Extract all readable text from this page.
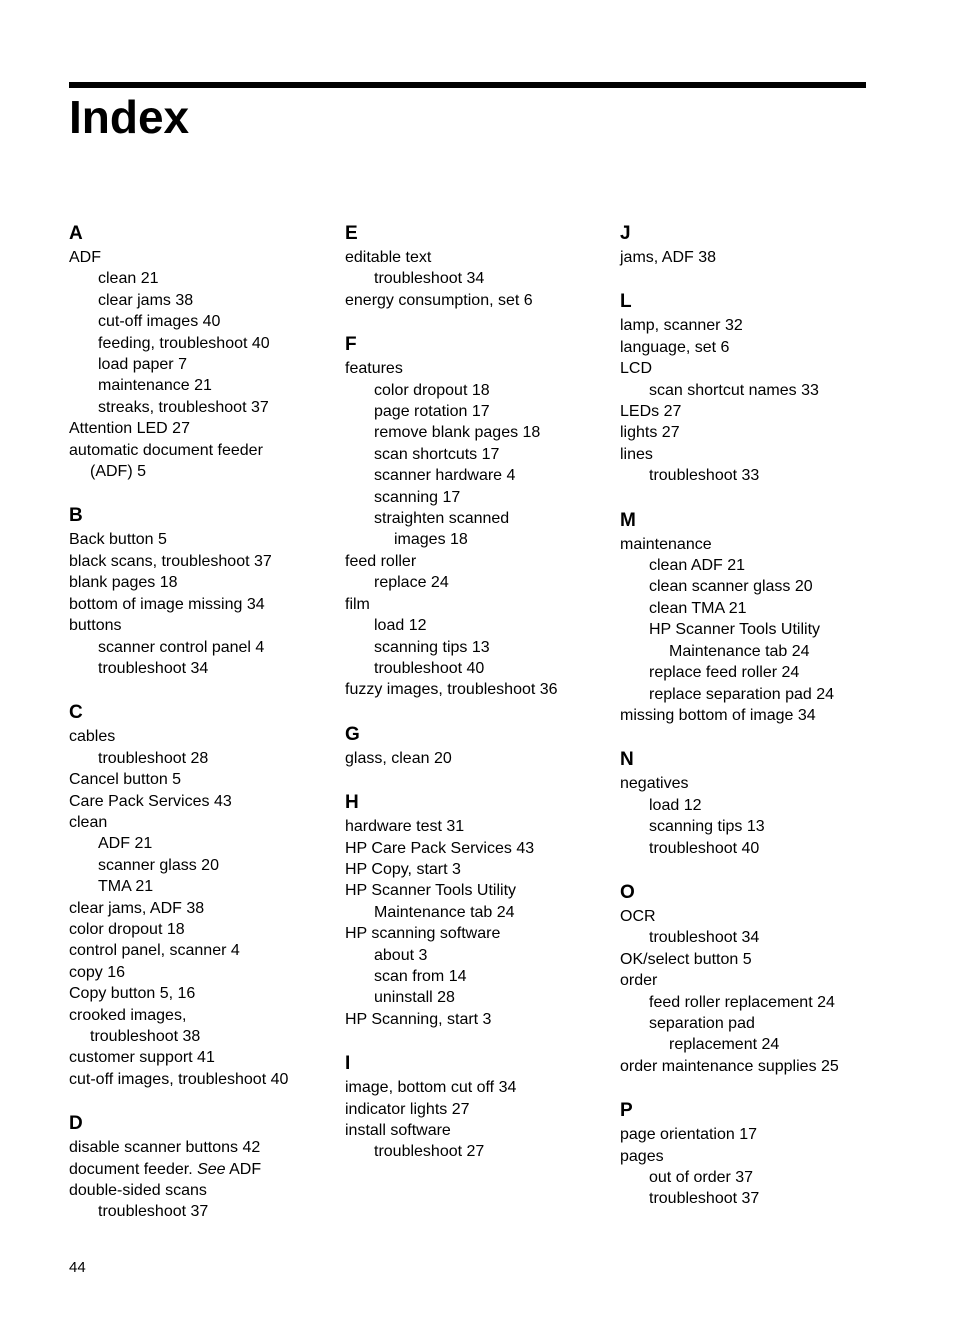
Index
A
ADF
clean 21
clear jams 38
cut-off images 40
feeding, troubleshoot 40
load paper 7
maintenance 21
streaks, troubleshoot 37
Attention LED 27
automatic document feeder
(ADF) 5
B
Back button 5
black scans, troubleshoot 37
blank pages 18
bottom of image missing 34
buttons
scanner control panel 4
troubleshoot 34
C
cables
troubleshoot 28
Cancel button 5
Care Pack Services 43
clean
ADF 21
scanner glass 20
TMA 21
clear jams, ADF 38
color dropout 18
control panel, scanner 4
copy 16
Copy button 5, 16
crooked images,
troubleshoot 38
customer support 41
cut-off images, troubleshoot 40
D
disable scanner buttons 42
document feeder. See ADF
double-sided scans
troubleshoot 37
E
editable text
troubleshoot 34
energy consumption, set 6
F
features
color dropout 18
page rotation 17
remove blank pages 18
scan shortcuts 17
scanner hardware 4
scanning 17
straighten scanned
images 18
feed roller
replace 24
film
load 12
scanning tips 13
troubleshoot 40
fuzzy images, troubleshoot 36
G
glass, clean 20
H
hardware test 31
HP Care Pack Services 43
HP Copy, start 3
HP Scanner Tools Utility
Maintenance tab 24
HP scanning software
about 3
scan from 14
uninstall 28
HP Scanning, start 3
I
image, bottom cut off 34
indicator lights 27
install software
troubleshoot 27
J
jams, ADF 38
L
lamp, scanner 32
language, set 6
LCD
scan shortcut names 33
LEDs 27
lights 27
lines
troubleshoot 33
M
maintenance
clean ADF 21
clean scanner glass 20
clean TMA 21
HP Scanner Tools Utility
Maintenance tab 24
replace feed roller 24
replace separation pad 24
missing bottom of image 34
N
negatives
load 12
scanning tips 13
troubleshoot 40
O
OCR
troubleshoot 34
OK/select button 5
order
feed roller replacement 24
separation pad
replacement 24
order maintenance supplies 25
P
page orientation 17
pages
out of order 37
troubleshoot 37
44
